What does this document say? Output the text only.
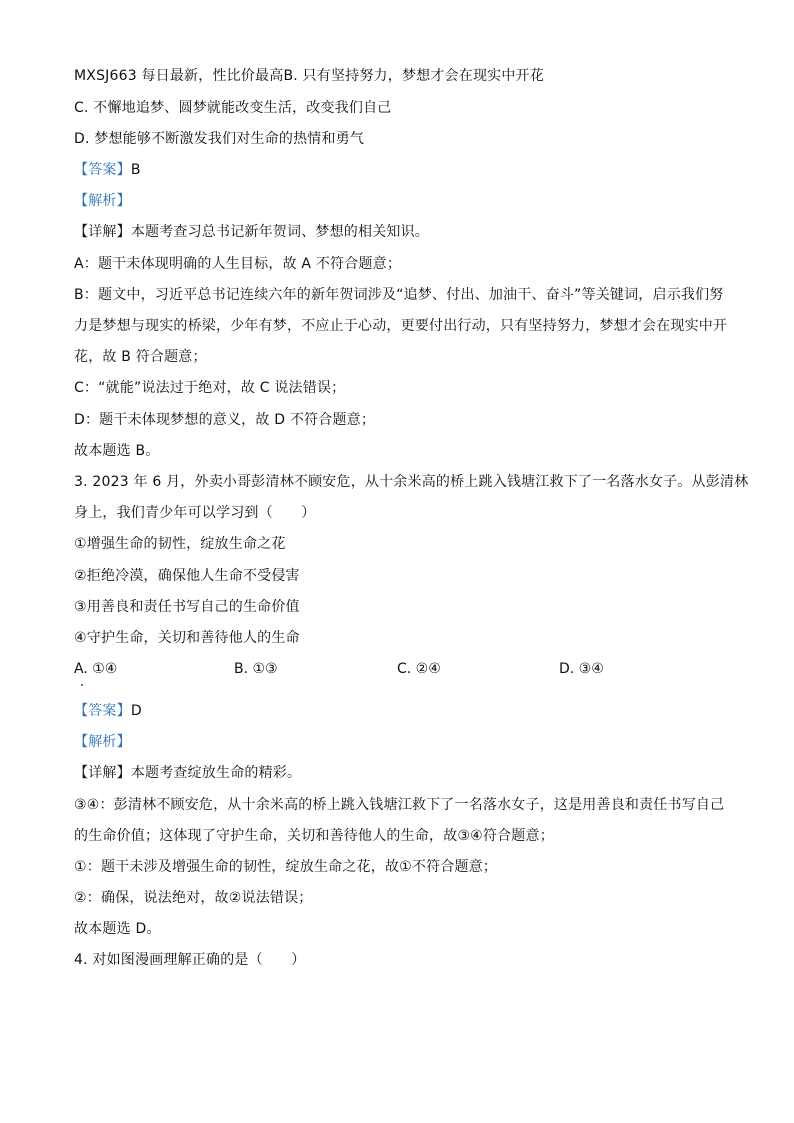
MXSJ663 每日最新，性比价最高B. 只有坚持努力，梦想才会在现实中开花
C. 不懈地追梦、圆梦就能改变生活，改变我们自己
D. 梦想能够不断激发我们对生命的热情和勇气
【答案】B
【解析】
【详解】本题考查习总书记新年贺词、梦想的相关知识。
A：题干未体现明确的人生目标，故 A 不符合题意；
B：题文中，习近平总书记连续六年的新年贺词涉及“追梦、付出、加油干、奋斗”等关键词，启示我们努
力是梦想与现实的桥梁，少年有梦，不应止于心动，更要付出行动，只有坚持努力，梦想才会在现实中开
花，故 B 符合题意；
C：“就能”说法过于绝对，故 C 说法错误；
D：题干未体现梦想的意义，故 D 不符合题意；
故本题选 B。
3. 2023 年 6 月，外卖小哥彭清林不顾安危，从十余米高的桥上跳入钱塘江救下了一名落水女子。从彭清林
身上，我们青少年可以学习到（　　）
①增强生命的韧性，绽放生命之花
②拒绝冷漠，确保他人生命不受侵害
③用善良和责任书写自己的生命价值
④守护生命，关切和善待他人的生命
A. ①④	B. ①③	C. ②④	D. ③④
【答案】D
【解析】
【详解】本题考查绽放生命的精彩。
③④：彭清林不顾安危，从十余米高的桥上跳入钱塘江救下了一名落水女子，这是用善良和责任书写自己
的生命价值；这体现了守护生命，关切和善待他人的生命，故③④符合题意；
①：题干未涉及增强生命的韧性，绽放生命之花，故①不符合题意；
②：确保，说法绝对，故②说法错误；
故本题选 D。
4. 对如图漫画理解正确的是（　　）
